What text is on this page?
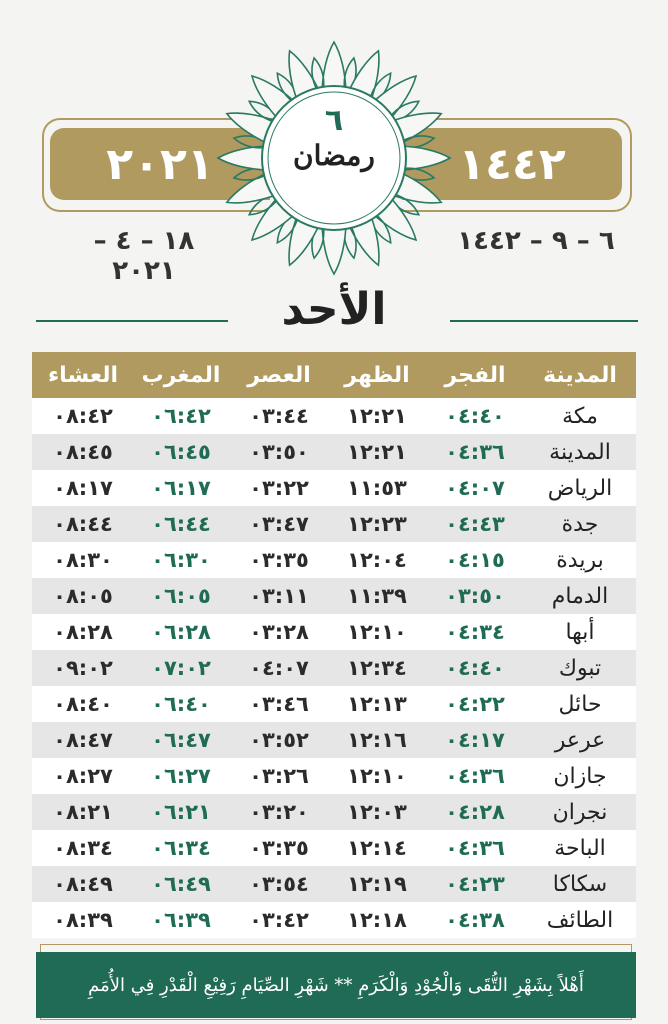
٢٠٢١	١٤٤٢
٦
رمضان
١٨ – ٤ – ٢٠٢١
٦ – ٩ – ١٤٤٢
الأحد
المدينة
الفجر
الظهر
العصر
المغرب
العشاء
مكة
٠٤:٤٠
١٢:٢١
٠٣:٤٤
٠٦:٤٢
٠٨:٤٢
المدينة
٠٤:٣٦
١٢:٢١
٠٣:٥٠
٠٦:٤٥
٠٨:٤٥
الرياض
٠٤:٠٧
١١:٥٣
٠٣:٢٢
٠٦:١٧
٠٨:١٧
جدة
٠٤:٤٣
١٢:٢٣
٠٣:٤٧
٠٦:٤٤
٠٨:٤٤
بريدة
٠٤:١٥
١٢:٠٤
٠٣:٣٥
٠٦:٣٠
٠٨:٣٠
الدمام
٠٣:٥٠
١١:٣٩
٠٣:١١
٠٦:٠٥
٠٨:٠٥
أبها
٠٤:٣٤
١٢:١٠
٠٣:٢٨
٠٦:٢٨
٠٨:٢٨
تبوك
٠٤:٤٠
١٢:٣٤
٠٤:٠٧
٠٧:٠٢
٠٩:٠٢
حائل
٠٤:٢٢
١٢:١٣
٠٣:٤٦
٠٦:٤٠
٠٨:٤٠
عرعر
٠٤:١٧
١٢:١٦
٠٣:٥٢
٠٦:٤٧
٠٨:٤٧
جازان
٠٤:٣٦
١٢:١٠
٠٣:٢٦
٠٦:٢٧
٠٨:٢٧
نجران
٠٤:٢٨
١٢:٠٣
٠٣:٢٠
٠٦:٢١
٠٨:٢١
الباحة
٠٤:٣٦
١٢:١٤
٠٣:٣٥
٠٦:٣٤
٠٨:٣٤
سكاكا
٠٤:٢٣
١٢:١٩
٠٣:٥٤
٠٦:٤٩
٠٨:٤٩
الطائف
٠٤:٣٨
١٢:١٨
٠٣:٤٢
٠٦:٣٩
٠٨:٣٩
أَهْلاً بِشَهْرِ التُّقَى وَالْجُوْدِ وَالْكَرَمِ ** شَهْرِ الصِّيَامِ رَفِيْعِ الْقَدْرِ فِي الأُمَمِ
